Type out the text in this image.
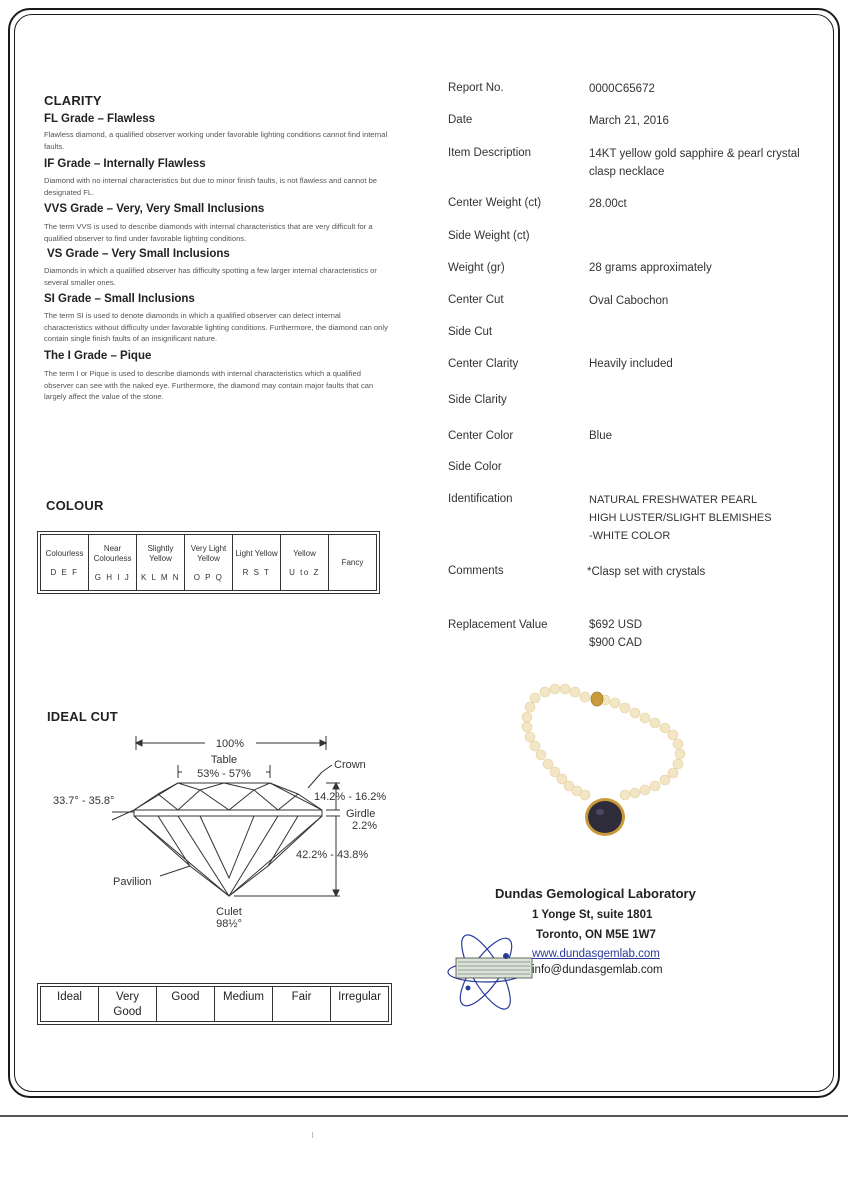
CLARITY
FL Grade – Flawless
Flawless diamond, a qualified observer working under favorable lighting conditions cannot find internal faults.
IF Grade – Internally Flawless
Diamond with no internal characteristics but due to minor finish faults, is not flawless and cannot be designated FL.
VVS Grade – Very, Very Small Inclusions
The term VVS is used to describe diamonds with internal characteristics that are very difficult for a qualified observer to find under favorable lighting conditions.
VS Grade – Very Small Inclusions
Diamonds in which a qualified observer has difficulty spotting a few larger internal characteristics or several smaller ones.
SI Grade – Small Inclusions
The term SI is used to denote diamonds in which a qualified observer can detect internal characteristics without difficulty under favorable lighting conditions. Furthermore, the diamond can only contain single finish faults of an insignificant nature.
The I Grade – Pique
The term I or Pique is used to describe diamonds with internal characteristics which a qualified observer can see with the naked eye. Furthermore, the diamond may contain major faults that can largely affect the value of the stone.
COLOUR
Colourless
D E F

Near Colourless
G H I J

Slightly Yellow
K L M N

Very Light Yellow
O P Q

Light Yellow
R S T

Yellow
U to Z

Fancy
IDEAL CUT
100%
Table
53% - 57%
Crown
33.7° - 35.8°	14.2% - 16.2%
Girdle
2.2%
42.2% - 43.8%
Pavilion
Culet
98½°
Ideal	Very Good	Good	Medium	Fair	Irregular
Report No.	0000C65672
Date	March 21, 2016
Item Description	14KT yellow gold sapphire & pearl crystal clasp necklace
Center Weight (ct)	28.00ct
Side Weight (ct)
Weight (gr)	28 grams approximately
Center Cut	Oval Cabochon
Side Cut
Center Clarity	Heavily included
Side Clarity
Center Color	Blue
Side Color
Identification	NATURAL FRESHWATER PEARL
HIGH LUSTER/SLIGHT BLEMISHES
-WHITE COLOR
Comments	*Clasp set with crystals
Replacement Value	$692 USD
$900 CAD
Dundas Gemological Laboratory
1 Yonge St, suite 1801
Toronto, ON M5E 1W7
www.dundasgemlab.com
info@dundasgemlab.com
